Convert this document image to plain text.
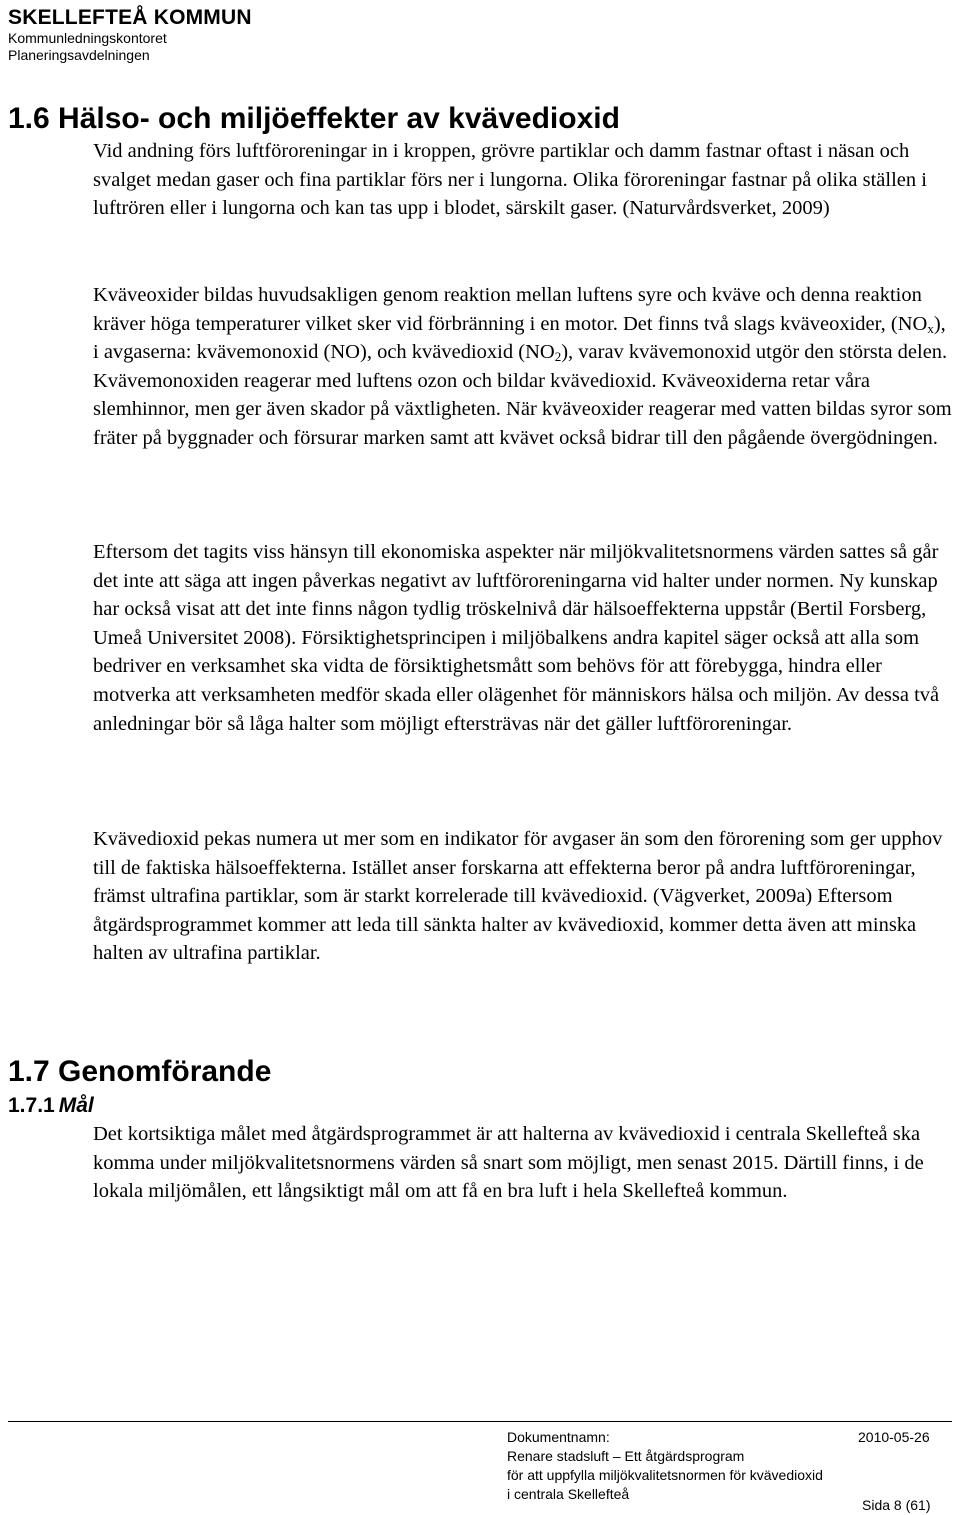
SKELLEFTEÅ KOMMUN
Kommunledningskontoret
Planeringsavdelningen
1.6 Hälso- och miljöeffekter av kvävedioxid
Vid andning förs luftföroreningar in i kroppen, grövre partiklar och damm fastnar oftast i näsan och svalget medan gaser och fina partiklar förs ner i lungorna. Olika föroreningar fastnar på olika ställen i luftrören eller i lungorna och kan tas upp i blodet, särskilt gaser. (Naturvårdsverket, 2009)
Kväveoxider bildas huvudsakligen genom reaktion mellan luftens syre och kväve och denna reaktion kräver höga temperaturer vilket sker vid förbränning i en motor. Det finns två slags kväveoxider, $(NO_x)$, i avgaserna: kvävemonoxid (NO), och kvävedioxid $(NO_2)$, varav kvävemonoxid utgör den största delen. Kvävemonoxiden reagerar med luftens ozon och bildar kvävedioxid. Kväveoxiderna retar våra slemhinnor, men ger även skador på växtligheten. När kväveoxider reagerar med vatten bildas syror som fräter på byggnader och försurar marken samt att kvävet också bidrar till den pågående övergödningen.
Eftersom det tagits viss hänsyn till ekonomiska aspekter när miljökvalitetsnormens värden sattes så går det inte att säga att ingen påverkas negativt av luftföroreningarna vid halter under normen. Ny kunskap har också visat att det inte finns någon tydlig tröskelnivå där hälsoeffekterna uppstår (Bertil Forsberg, Umeå Universitet 2008). Försiktighetsprincipen i miljöbalkens andra kapitel säger också att alla som bedriver en verksamhet ska vidta de försiktighetsmått som behövs för att förebygga, hindra eller motverka att verksamheten medför skada eller olägenhet för människors hälsa och miljön. Av dessa två anledningar bör så låga halter som möjligt eftersträvas när det gäller luftföroreningar.
Kvävedioxid pekas numera ut mer som en indikator för avgaser än som den förorening som ger upphov till de faktiska hälsoeffekterna. Istället anser forskarna att effekterna beror på andra luftföroreningar, främst ultrafina partiklar, som är starkt korrelerade till kvävedioxid. (Vägverket, 2009a) Eftersom åtgärdsprogrammet kommer att leda till sänkta halter av kvävedioxid, kommer detta även att minska halten av ultrafina partiklar.
1.7 Genomförande
1.7.1 Mål
Det kortsiktiga målet med åtgärdsprogrammet är att halterna av kvävedioxid i centrala Skellefteå ska komma under miljökvalitetsnormens värden så snart som möjligt, men senast 2015. Därtill finns, i de lokala miljömålen, ett långsiktigt mål om att få en bra luft i hela Skellefteå kommun.
Dokumentnamn:
Renare stadsluft – Ett åtgärdsprogram
för att uppfylla miljökvalitetsnormen för kvävedioxid
i centrala Skellefteå
2010-05-26
Sida 8 (61)
